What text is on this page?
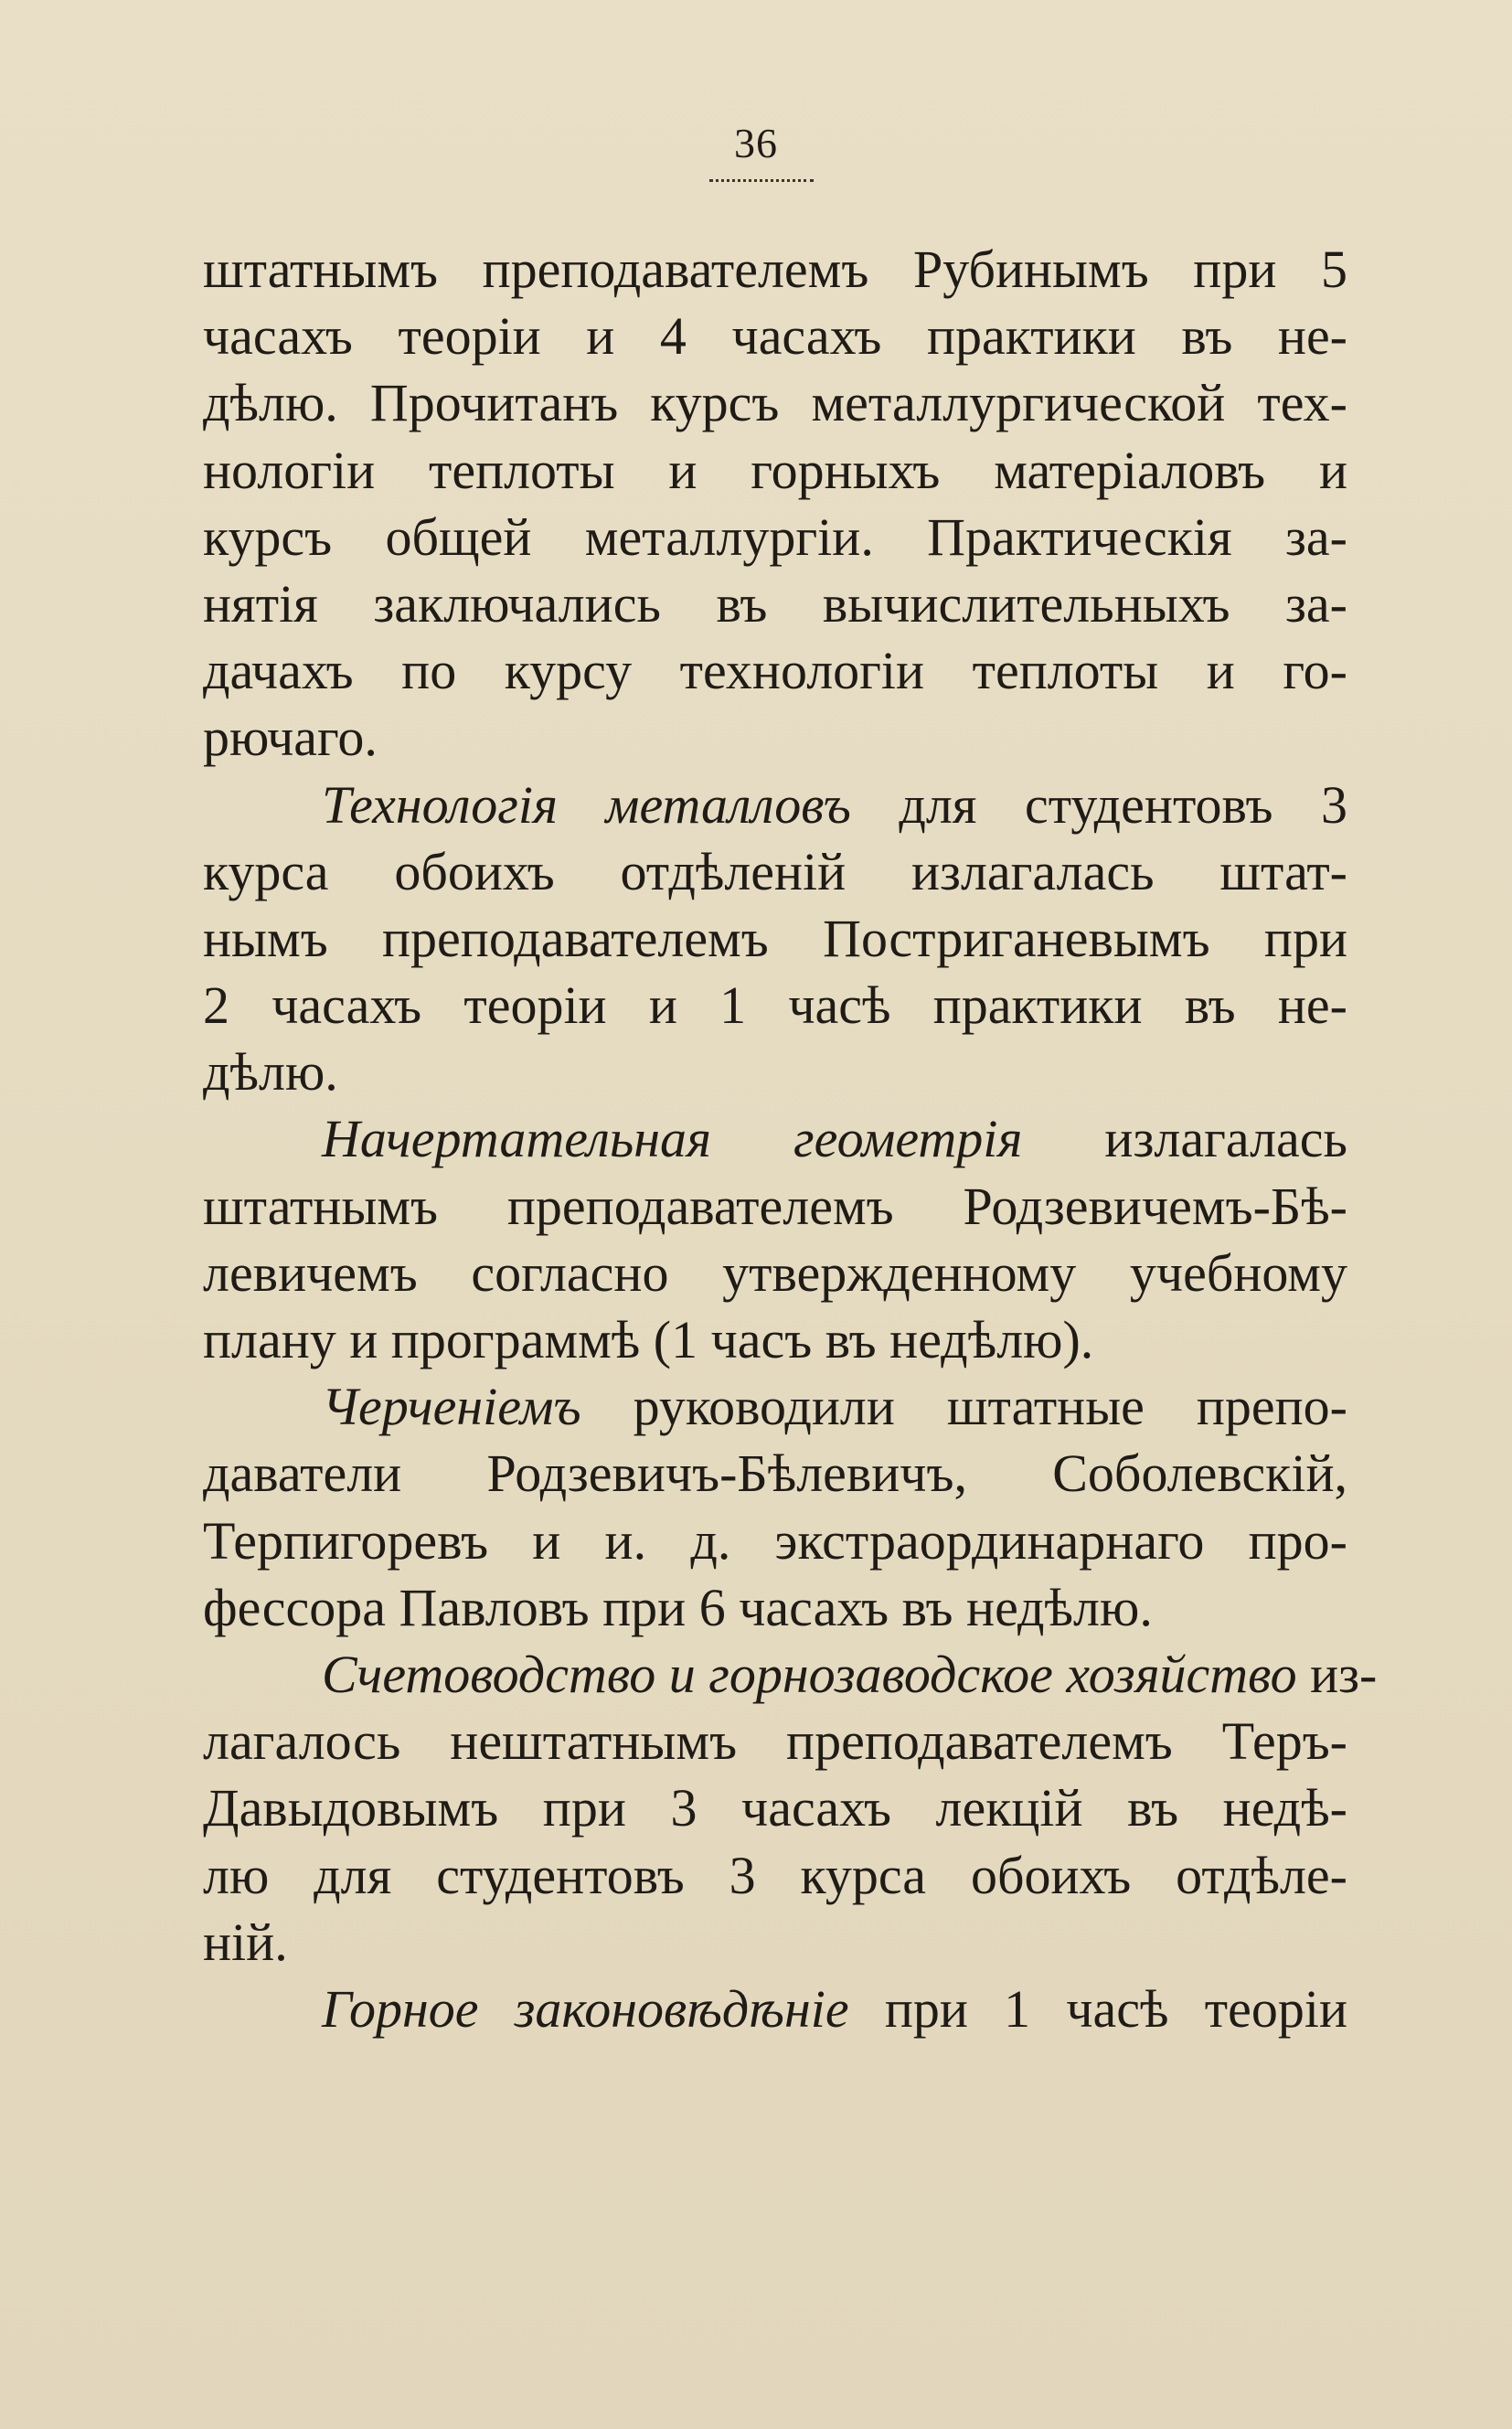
36
штатнымъ преподавателемъ Рубинымъ при 5
часахъ теоріи и 4 часахъ практики въ не-
дѣлю. Прочитанъ курсъ металлургической тех-
нологіи теплоты и горныхъ матеріаловъ и
курсъ общей металлургіи. Практическія за-
нятія заключались въ вычислительныхъ за-
дачахъ по курсу технологіи теплоты и го-
рючаго.
Технологія металловъ для студентовъ 3
курса обоихъ отдѣленій излагалась штат-
нымъ преподавателемъ Постриганевымъ при
2 часахъ теоріи и 1 часѣ практики въ не-
дѣлю.
Начертательная геометрія излагалась
штатнымъ преподавателемъ Родзевичемъ-Бѣ-
левичемъ согласно утвержденному учебному
плану и программѣ (1 часъ въ недѣлю).
Черченіемъ руководили штатные препо-
даватели Родзевичъ-Бѣлевичъ, Соболевскій,
Терпигоревъ и и. д. экстраординарнаго про-
фессора Павловъ при 6 часахъ въ недѣлю.
Счетоводство и горнозаводское хозяйство из-
лагалось нештатнымъ преподавателемъ Теръ-
Давыдовымъ при 3 часахъ лекцій въ недѣ-
лю для студентовъ 3 курса обоихъ отдѣле-
ній.
Горное законовѣдѣніе при 1 часѣ теоріи
